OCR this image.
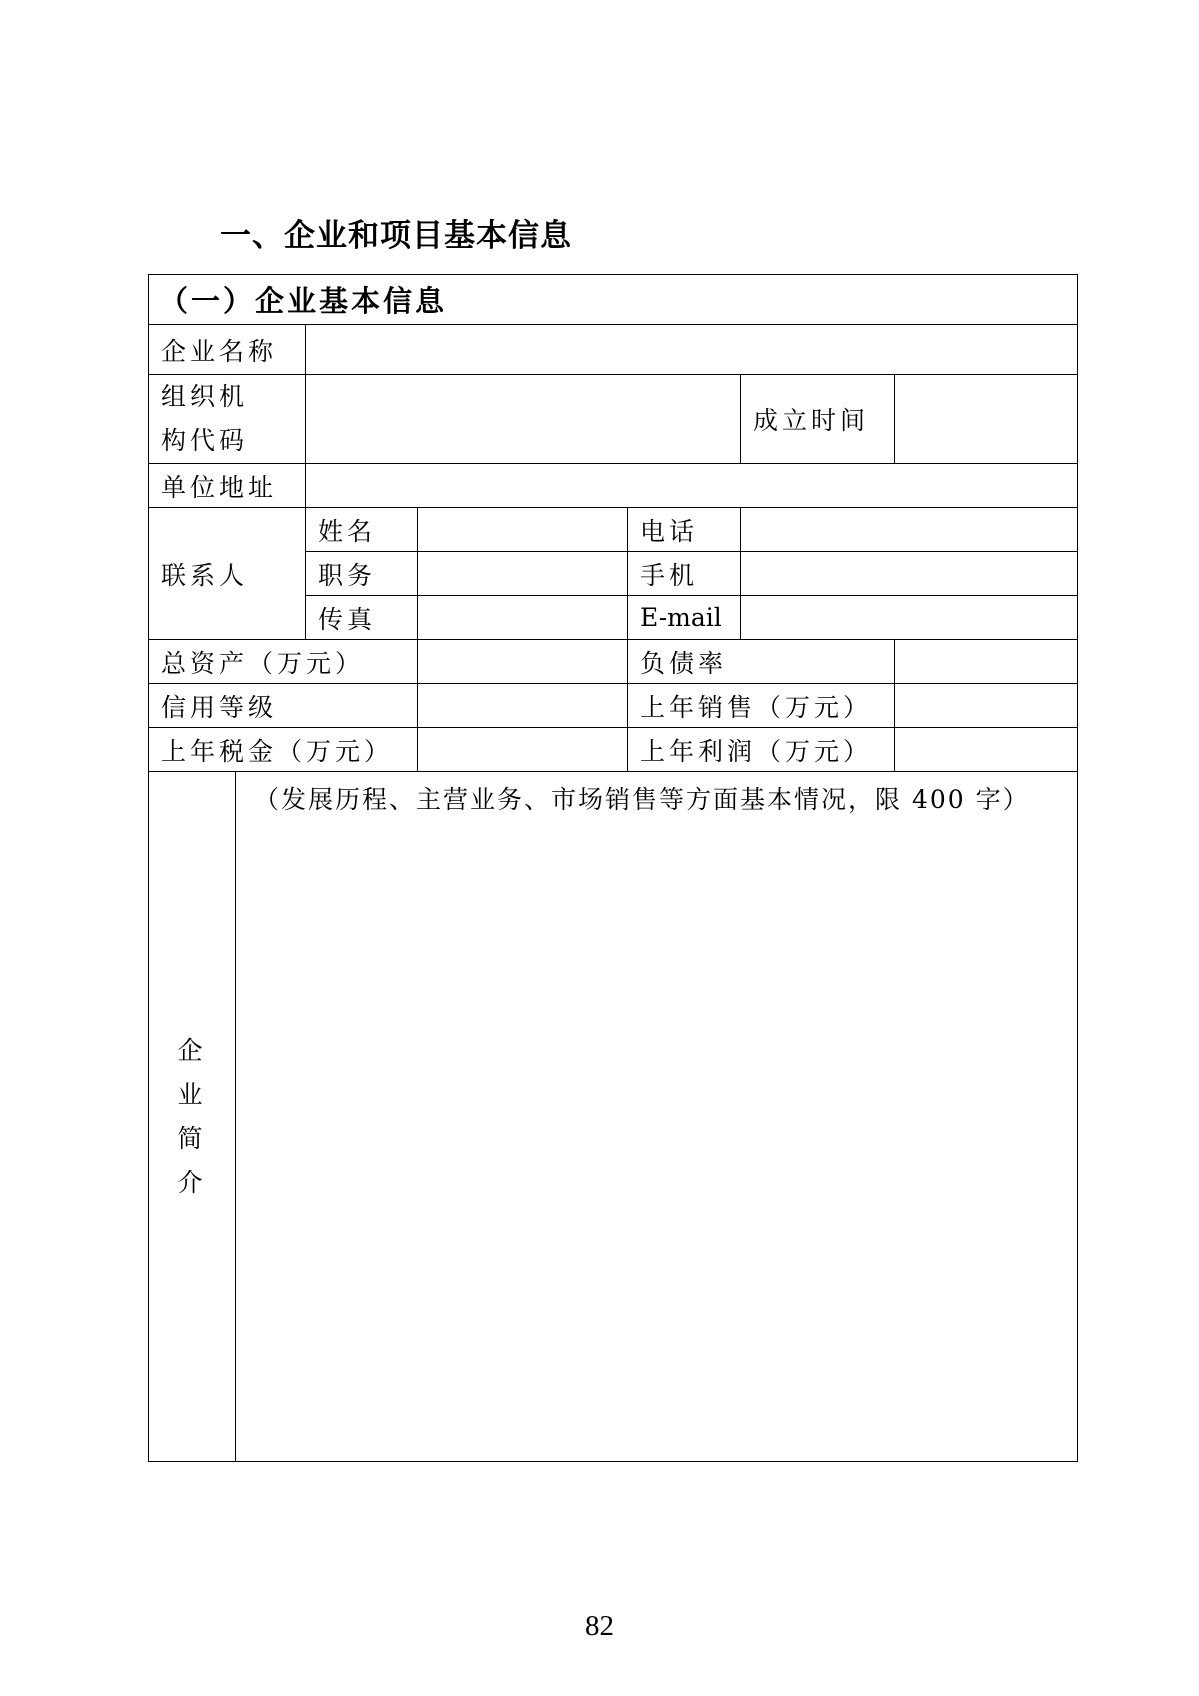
一、企业和项目基本信息
（一）企业基本信息						
企业名称						
组织机
构代码					成立时间	
单位地址						
联系人		姓名		电话		
		职务		手机		
		传真		E-mail		
总资产（万元）				负债率		
信用等级				上年销售（万元）		
上年税金（万元）				上年利润（万元）		

企
业
简
介	（发展历程、主营业务、市场销售等方面基本情况，限 400 字）					
82
